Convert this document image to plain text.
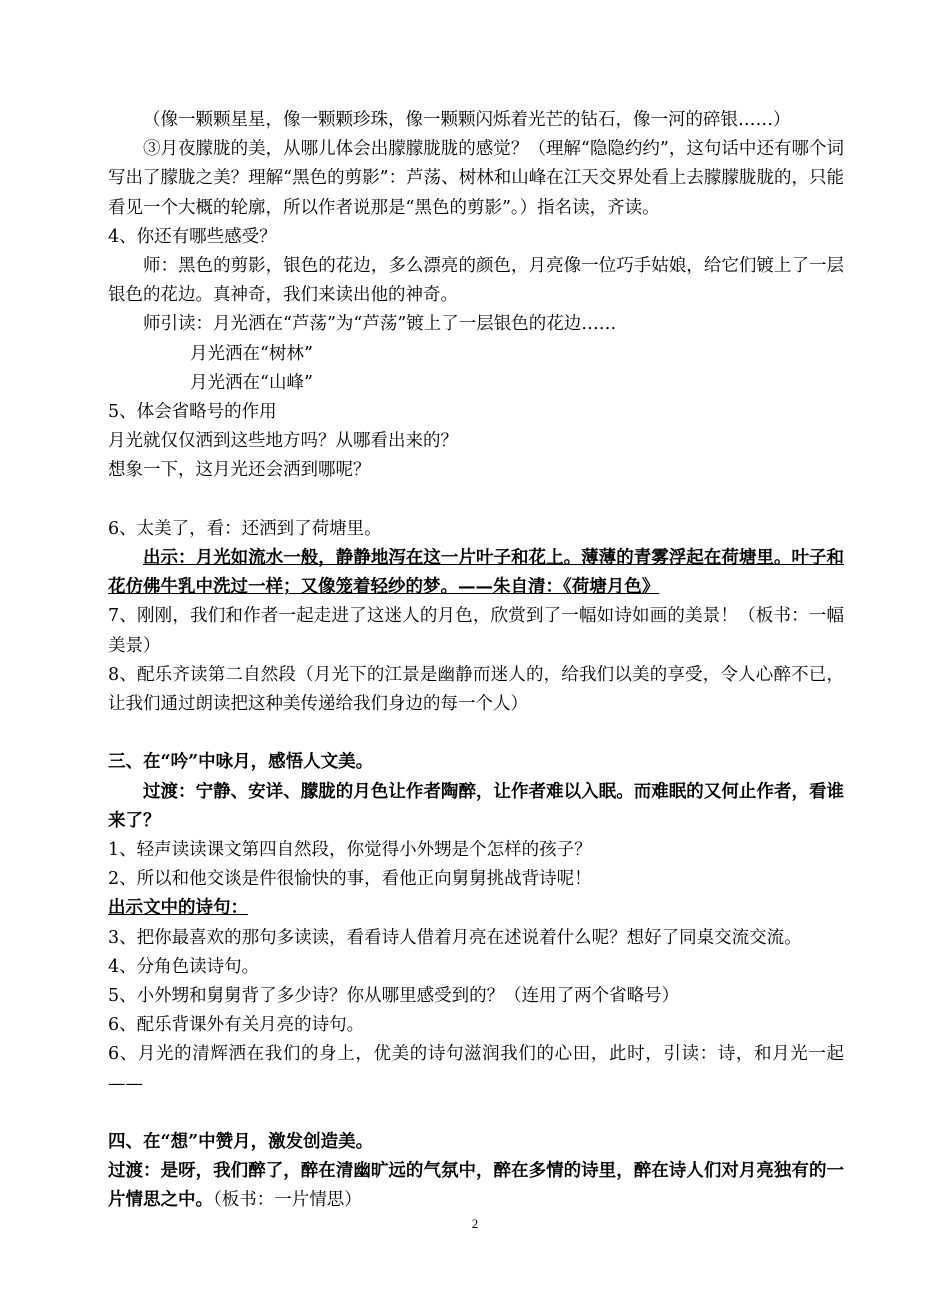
（像一颗颗星星，像一颗颗珍珠，像一颗颗闪烁着光芒的钻石，像一河的碎银……）

③月夜朦胧的美，从哪儿体会出朦朦胧胧的感觉？（理解“隐隐约约”，这句话中还有哪个词写出了朦胧之美？理解“黑色的剪影”：芦荡、树林和山峰在江天交界处看上去朦朦胧胧的，只能看见一个大概的轮廓，所以作者说那是“黑色的剪影”。）指名读，齐读。

4、你还有哪些感受？

师：黑色的剪影，银色的花边，多么漂亮的颜色，月亮像一位巧手姑娘，给它们镀上了一层银色的花边。真神奇，我们来读出他的神奇。

师引读：月光洒在“芦荡”为“芦荡”镀上了一层银色的花边……

月光洒在“树林”

月光洒在“山峰”

5、体会省略号的作用

月光就仅仅洒到这些地方吗？从哪看出来的？

想象一下，这月光还会洒到哪呢？

6、太美了，看：还洒到了荷塘里。

出示：月光如流水一般，静静地泻在这一片叶子和花上。薄薄的青雾浮起在荷塘里。叶子和花仿佛牛乳中洗过一样；又像笼着轻纱的梦。——朱自清：《荷塘月色》

7、刚刚，我们和作者一起走进了这迷人的月色，欣赏到了一幅如诗如画的美景！（板书：一幅美景）

8、配乐齐读第二自然段（月光下的江景是幽静而迷人的，给我们以美的享受，令人心醉不已，让我们通过朗读把这种美传递给我们身边的每一个人）

三、在“吟”中咏月，感悟人文美。

过渡：宁静、安详、朦胧的月色让作者陶醉，让作者难以入眠。而难眠的又何止作者，看谁来了？

1、轻声读读课文第四自然段，你觉得小外甥是个怎样的孩子？

2、所以和他交谈是件很愉快的事，看他正向舅舅挑战背诗呢！

出示文中的诗句：

3、把你最喜欢的那句多读读，看看诗人借着月亮在述说着什么呢？想好了同桌交流交流。

4、分角色读诗句。

5、小外甥和舅舅背了多少诗？你从哪里感受到的？（连用了两个省略号）

6、配乐背课外有关月亮的诗句。

6、月光的清辉洒在我们的身上，优美的诗句滋润我们的心田，此时，引读：诗，和月光一起——

四、在“想”中赞月，激发创造美。

过渡：是呀，我们醉了，醉在清幽旷远的气氛中，醉在多情的诗里，醉在诗人们对月亮独有的一片情思之中。（板书：一片情思）

2
